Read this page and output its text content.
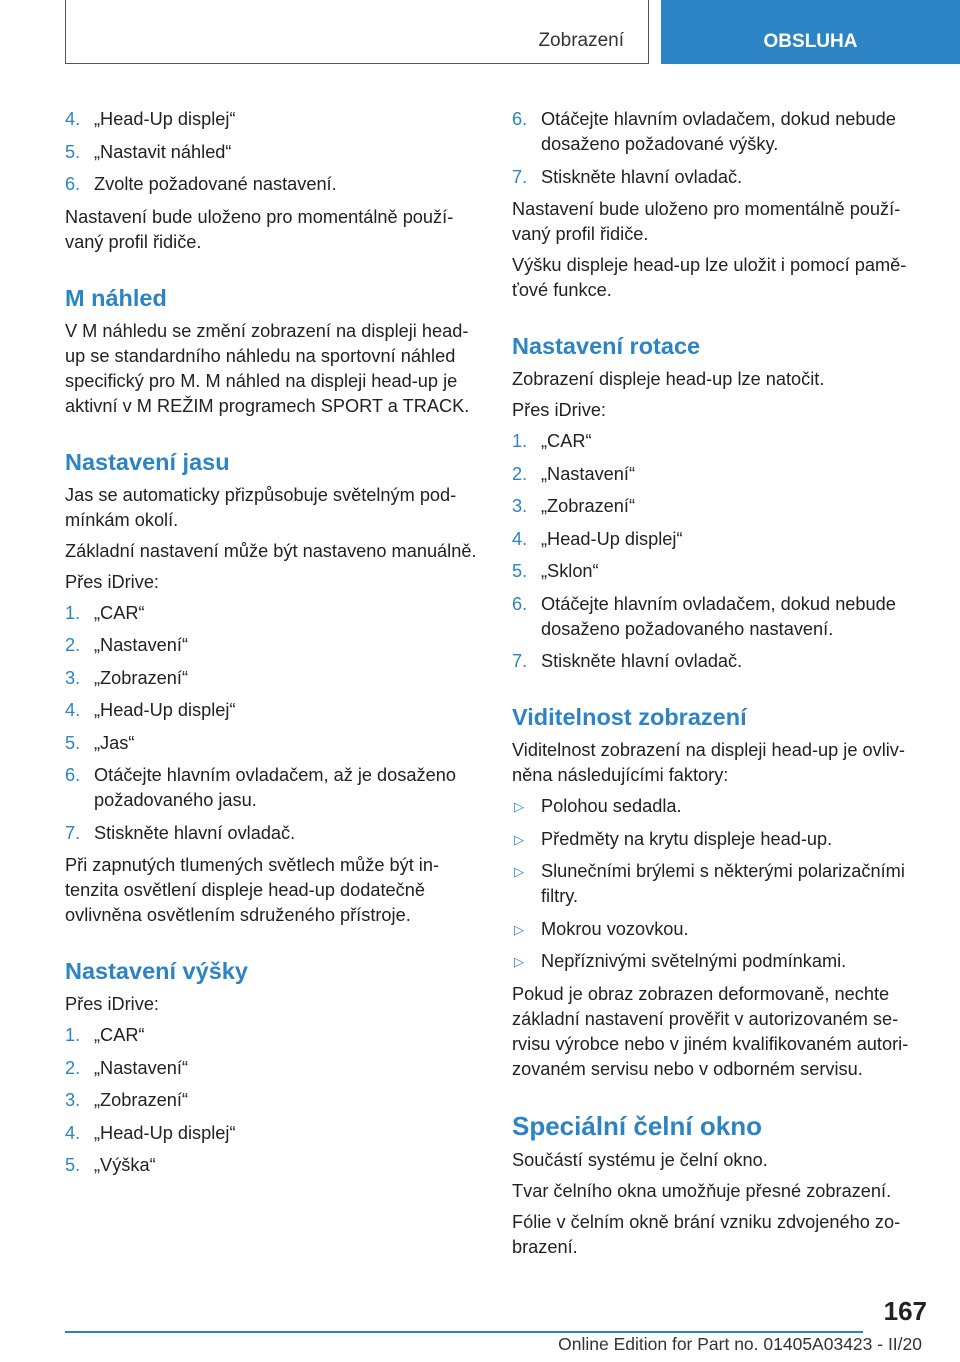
Zobrazení	OBSLUHA
4. „Head-Up displej“
5. „Nastavit náhled“
6. Zvolte požadované nastavení.

Nastavení bude uloženo pro momentálně používaný profil řidiče.

M náhled

V M náhledu se změní zobrazení na displeji head-up se standardního náhledu na sportovní náhled specifický pro M. M náhled na displeji head-up je aktivní v M REŽIM programech SPORT a TRACK.

Nastavení jasu

Jas se automaticky přizpůsobuje světelným podmínkám okolí.

Základní nastavení může být nastaveno manuálně.

Přes iDrive:

1. „CAR“
2. „Nastavení“
3. „Zobrazení“
4. „Head-Up displej“
5. „Jas“
6. Otáčejte hlavním ovladačem, až je dosaženo požadovaného jasu.
7. Stiskněte hlavní ovladač.

Při zapnutých tlumených světlech může být intenzita osvětlení displeje head-up dodatečně ovlivněna osvětlením sdruženého přístroje.

Nastavení výšky

Přes iDrive:

1. „CAR“
2. „Nastavení“
3. „Zobrazení“
4. „Head-Up displej“
5. „Výška“
6. Otáčejte hlavním ovladačem, dokud nebude dosaženo požadované výšky.
7. Stiskněte hlavní ovladač.

Nastavení bude uloženo pro momentálně používaný profil řidiče.

Výšku displeje head-up lze uložit i pomocí paměťové funkce.

Nastavení rotace

Zobrazení displeje head-up lze natočit.

Přes iDrive:

1. „CAR“
2. „Nastavení“
3. „Zobrazení“
4. „Head-Up displej“
5. „Sklon“
6. Otáčejte hlavním ovladačem, dokud nebude dosaženo požadovaného nastavení.
7. Stiskněte hlavní ovladač.
Viditelnost zobrazení

Viditelnost zobrazení na displeji head-up je ovlivněna následujícími faktory:

▷ Polohou sedadla.
▷ Předměty na krytu displeje head-up.
▷ Slunečními brýlemi s některými polarizačními filtry.
▷ Mokrou vozovkou.
▷ Nepříznivými světelnými podmínkami.

Pokud je obraz zobrazen deformovaně, nechte základní nastavení prověřit v autorizovaném servisu výrobce nebo v jiném kvalifikovaném autorizovaném servisu nebo v odborném servisu.

Speciální čelní okno

Součástí systému je čelní okno.

Tvar čelního okna umožňuje přesné zobrazení.

Fólie v čelním okně brání vzniku zdvojeného zobrazení.

167
Online Edition for Part no. 01405A03423 - II/20
